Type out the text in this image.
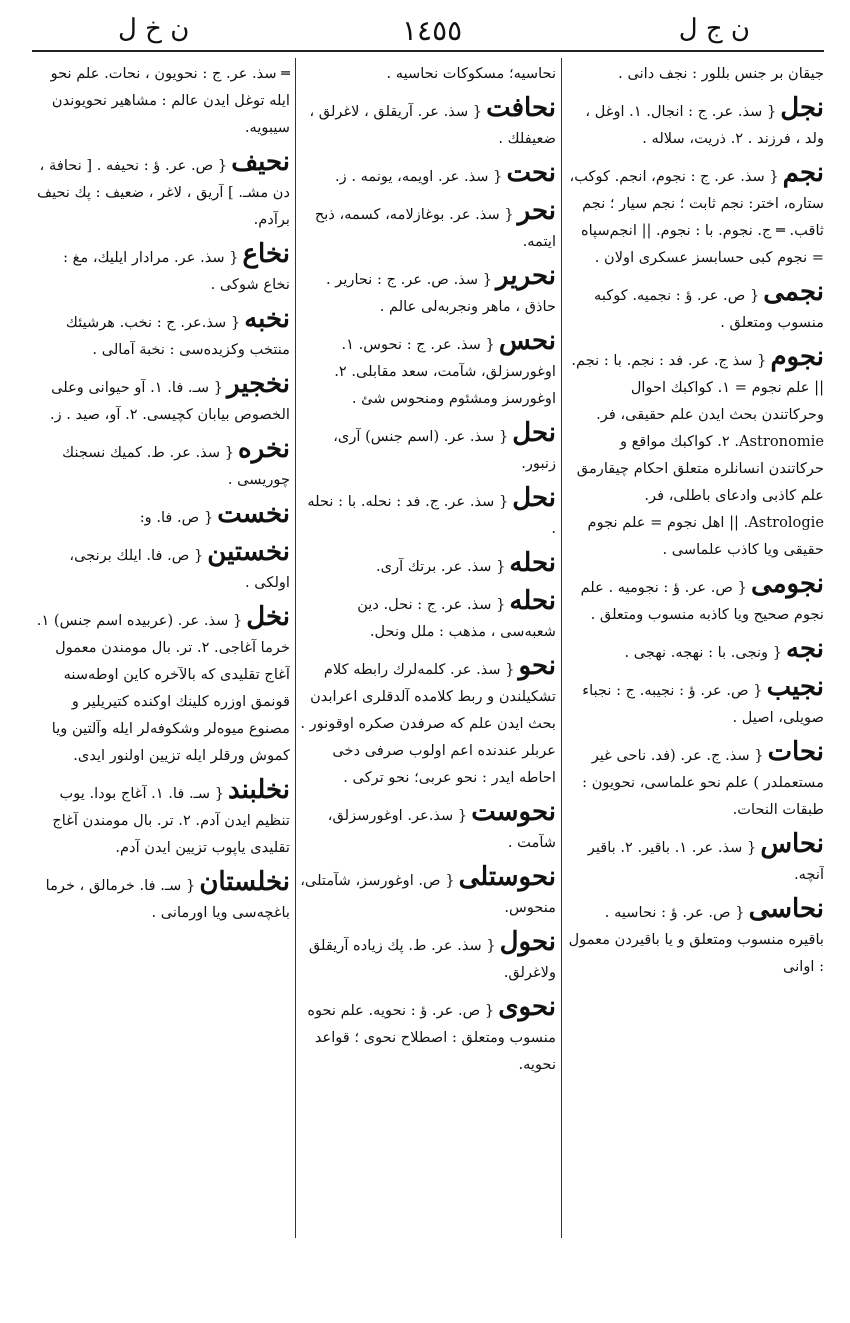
ن خ ل	١٤٥٥	ن ج ل
جيقان بر جنس بللور : نجف دانى .
نجل{ سذ. عر. ج : انجال. ١. اوغل ، ولد ، فرزند . ٢. ذريت، سلاله .
نجم{ سذ. عر. ج : نجوم، انجم. كوكب، ستاره، اختر: نجم ثابت ؛ نجم سيار ؛ نجم ثاقب. ═ ج. نجوم. با : نجوم. || انجم‌سپاه = نجوم كبى حسابسز عسكرى اولان .
نجمى{ ص. عر. ؤ : نجميه. كوكبه منسوب ومتعلق .
نجوم{ سذ ج. عر. فد : نجم. با : نجم. || علم نجوم = ١. كواكبك احوال وحركاتندن بحث ايدن علم حقيقى، فر. Astronomie. ٢. كواكبك مواقع و حركاتندن انسانلره متعلق احكام چيقارمق علم كاذبى وادعاى باطلى، فر. Astrologie. || اهل نجوم = علم نجوم حقيقى ويا كاذب علماسى .
نجومى{ ص. عر. ؤ : نجوميه . علم نجوم صحيح ويا كاذبه منسوب ومتعلق .
نجه{ ونجى. با : نهجه. نهجى .
نجيب{ ص. عر. ؤ : نجيبه. ج : نجباء صويلى، اصيل .
نحات{ سذ. ج. عر. (فد. ناحى غير مستعملدر ) علم نحو علماسى، نحويون : طبقات النحات.
نحاس{ سذ. عر. ١. باقير. ٢. باقير آنچه.
نحاسى{ ص. عر. ؤ : نحاسيه . باقيره منسوب ومتعلق و يا باقيردن معمول : اوانى
نحاسيه؛ مسكوكات نحاسيه .
نحافت{ سذ. عر. آريقلق ، لاغرلق ، ضعيفلك .
نحت{ سذ. عر. اويمه، يونمه . ز.
نحر{ سذ. عر. بوغازلامه، كسمه، ذبح ايتمه.
نحرير{ سذ. ص. عر. ج : نحارير . حاذق ، ماهر ونجربه‌لى عالم .
نحس{ سذ. عر. ج : نحوس. ١. اوغورسزلق، شآمت، سعد مقابلى. ٢. اوغورسز ومشئوم ومنحوس شئ .
نحل{ سذ. عر. (اسم جنس) آرى، زنبور.
نحل{ سذ. عر. ج. فد : نحله. با : نحله .
نحله{ سذ. عر. برتك آرى.
نحله{ سذ. عر. ج : نحل. دين شعبه‌سى ، مذهب : ملل ونحل.
نحو{ سذ. عر. كلمه‌لرك رابطه كلام تشكيلندن و ربط كلامده آلدقلرى اعرابدن بحث ايدن علم كه صرفدن صكره اوقونور . عربلر عندنده اعم اولوب صرفى دخى احاطه ايدر : نحو عربى؛ نحو تركى .
نحوست{ سذ.عر. اوغورسزلق، شآمت .
نحوستلى{ ص. اوغورسز، شآمتلى، منحوس.
نحول{ سذ. عر. ط. پك زياده آريقلق ولاغرلق.
نحوى{ ص. عر. ؤ : نحويه. علم نحوه منسوب ومتعلق : اصطلاح نحوى ؛ قواعد نحويه.
═ سذ. عر. ج : نحويون ، نحات. علم نحو ايله توغل ايدن عالم : مشاهير نحويوندن سيبويه.
نحيف{ ص. عر. ؤ : نحيفه . [ نحافة ، دن مشـ. ] آريق ، لاغر ، ضعيف : پك نحيف برآدم.
نخاع{ سذ. عر. مرادار ايليك، مغ : نخاع شوكى .
نخبه{ سذ.عر. ج : نخب. هرشيئك منتخب وكزيده‌سى : نخبة آمالى .
نخجير{ سـ. فا. ١. آو حيوانى وعلى الخصوص بيابان كچيسى. ٢. آو، صيد . ز.
نخره{ سذ. عر. ط. كميك نسجنك چوريسى .
نخست{ ص. فا. و:
نخستين{ ص. فا. ايلك برنجى، اولكى .
نخل{ سذ. عر. (عربيده اسم جنس) ١. خرما آغاجى. ٢. تر. بال مومندن معمول آغاج تقليدى كه بالآخره كاين اوطه‌سنه قونمق اوزره كلينك اوكنده كتيريلير و مصنوع ميوه‌لر وشكوفه‌لر ايله وآلتين ويا كموش ورقلر ايله تزيين اولنور ايدى.
نخلبند{ سـ. فا. ١. آغاج بودا. يوب تنظيم ايدن آدم. ٢. تر. بال مومندن آغاج تقليدى ياپوب تزيين ايدن آدم.
نخلستان{ سـ. فا. خرمالق ، خرما باغچه‌سى ويا اورمانى .
